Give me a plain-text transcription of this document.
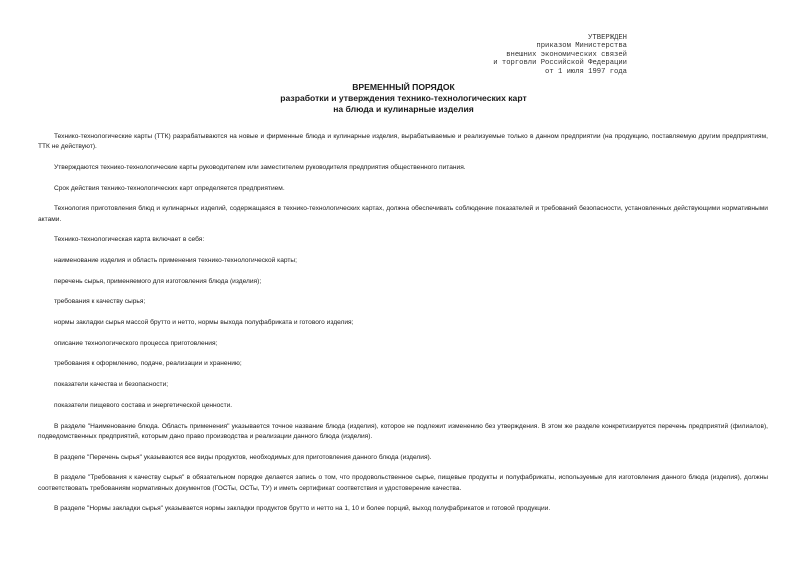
УТВЕРЖДЕН
приказом Министерства
внешних экономических связей
и торговли Российской Федерации
от 1 июля 1997 года
ВРЕМЕННЫЙ ПОРЯДОК
разработки и утверждения технико-технологических карт
на блюда и кулинарные изделия

Технико-технологические карты (ТТК) разрабатываются на новые и фирменные блюда и кулинарные изделия, вырабатываемые и реализуемые только в данном предприятии (на продукцию, поставляемую другим предприятиям, ТТК не действуют).

Утверждаются технико-технологические карты руководителем или заместителем руководителя предприятия общественного питания.

Срок действия технико-технологических карт определяется предприятием.

Технология приготовления блюд и кулинарных изделий, содержащаяся в технико-технологических картах, должна обеспечивать соблюдение показателей и требований безопасности, установленных действующими нормативными актами.

Технико-технологическая карта включает в себя:

наименование изделия и область применения технико-технологической карты;

перечень сырья, применяемого для изготовления блюда (изделия);

требования к качеству сырья;

нормы закладки сырья массой брутто и нетто, нормы выхода полуфабриката и готового изделия;

описание технологического процесса приготовления;

требования к оформлению, подаче, реализации и хранению;

показатели качества и безопасности;

показатели пищевого состава и энергетической ценности.

В разделе "Наименование блюда. Область применения" указывается точное название блюда (изделия), которое не подлежит изменению без утверждения. В этом же разделе конкретизируется перечень предприятий (филиалов), подведомственных предприятий, которым дано право производства и реализации данного блюда (изделия).

В разделе "Перечень сырья" указываются все виды продуктов, необходимых для приготовления данного блюда (изделия).

В разделе "Требования к качеству сырья" в обязательном порядке делается запись о том, что продовольственное сырье, пищевые продукты и полуфабрикаты, используемые для изготовления данного блюда (изделия), должны соответствовать требованиям нормативных документов (ГОСТы, ОСТы, ТУ) и иметь сертификат соответствия и удостоверение качества.

В разделе "Нормы закладки сырья" указывается нормы закладки продуктов брутто и нетто на 1, 10 и более порций, выход полуфабрикатов и готовой продукции.
